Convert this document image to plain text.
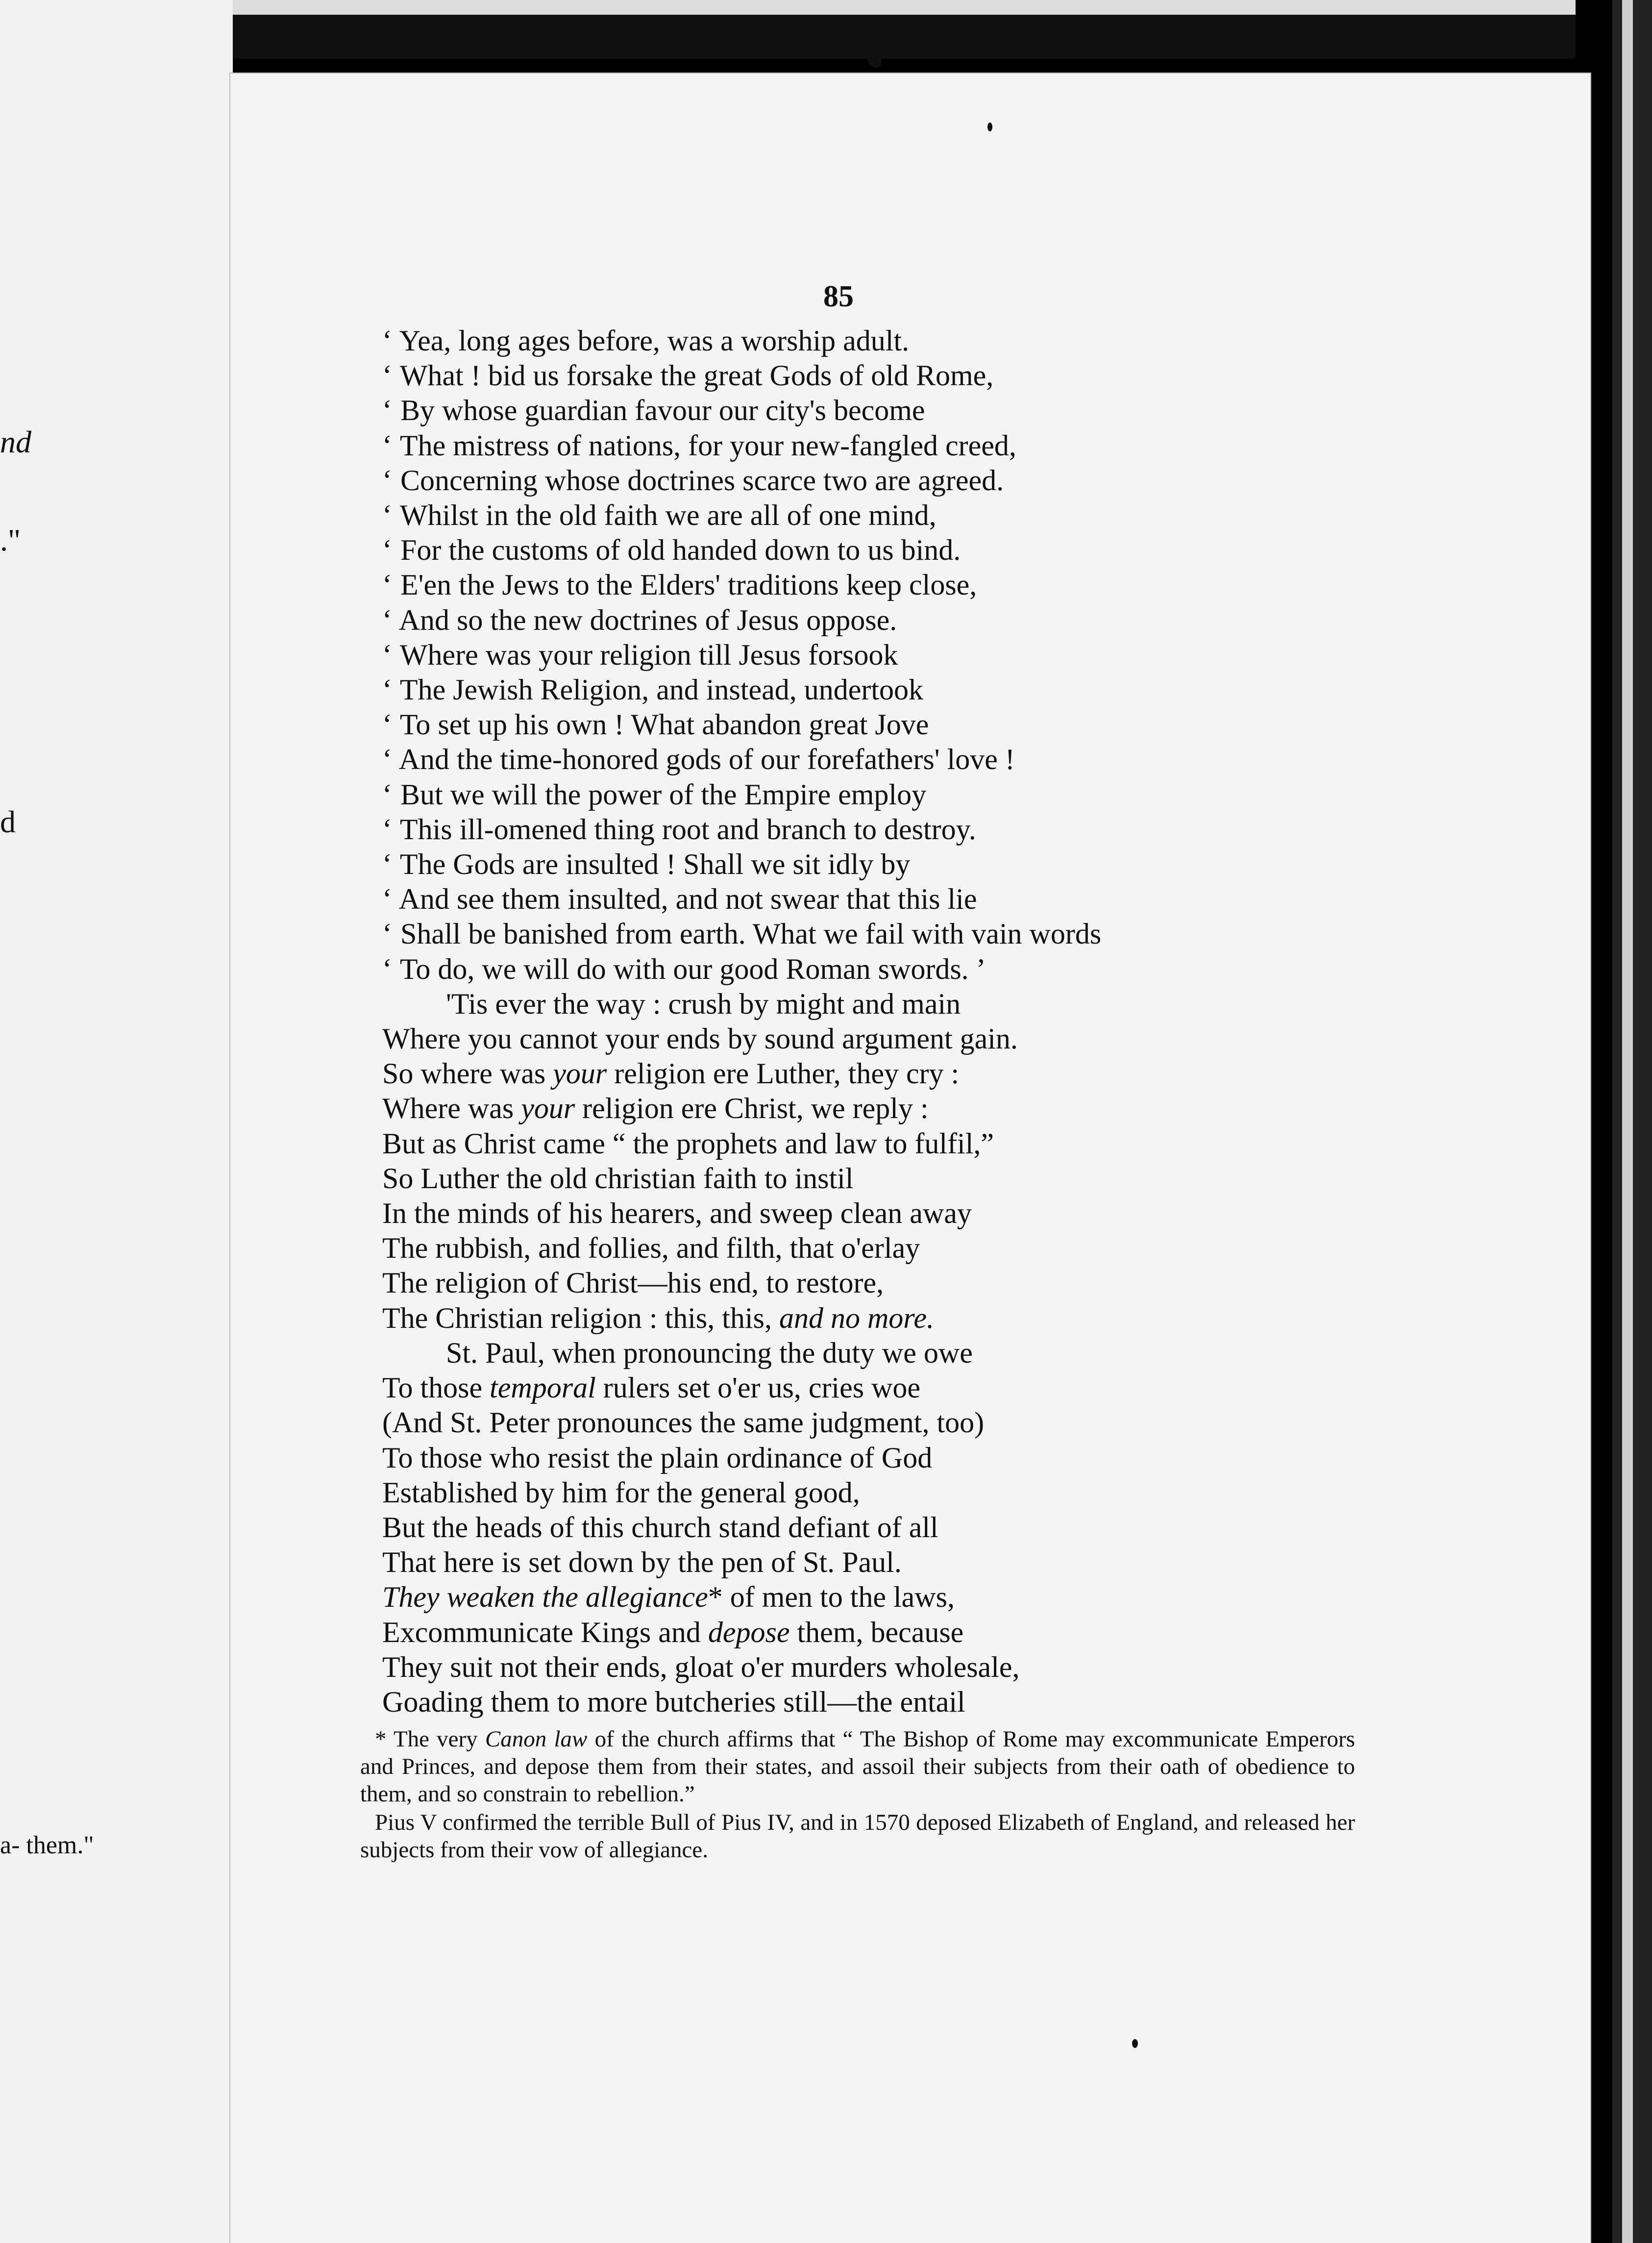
nd
."
d
a- them."
85
‘ Yea, long ages before, was a worship adult.
‘ What ! bid us forsake the great Gods of old Rome,
‘ By whose guardian favour our city's become
‘ The mistress of nations, for your new-fangled creed,
‘ Concerning whose doctrines scarce two are agreed.
‘ Whilst in the old faith we are all of one mind,
‘ For the customs of old handed down to us bind.
‘ E'en the Jews to the Elders' traditions keep close,
‘ And so the new doctrines of Jesus oppose.
‘ Where was your religion till Jesus forsook
‘ The Jewish Religion, and instead, undertook
‘ To set up his own ! What abandon great Jove
‘ And the time-honored gods of our forefathers' love !
‘ But we will the power of the Empire employ
‘ This ill-omened thing root and branch to destroy.
‘ The Gods are insulted ! Shall we sit idly by
‘ And see them insulted, and not swear that this lie
‘ Shall be banished from earth. What we fail with vain words
‘ To do, we will do with our good Roman swords. ’
'Tis ever the way : crush by might and main
Where you cannot your ends by sound argument gain.
So where was your religion ere Luther, they cry :
Where was your religion ere Christ, we reply :
But as Christ came “ the prophets and law to fulfil,”
So Luther the old christian faith to instil
In the minds of his hearers, and sweep clean away
The rubbish, and follies, and filth, that o'erlay
The religion of Christ—his end, to restore,
The Christian religion : this, this, and no more.
St. Paul, when pronouncing the duty we owe
To those temporal rulers set o'er us, cries woe
(And St. Peter pronounces the same judgment, too)
To those who resist the plain ordinance of God
Established by him for the general good,
But the heads of this church stand defiant of all
That here is set down by the pen of St. Paul.
They weaken the allegiance* of men to the laws,
Excommunicate Kings and depose them, because
They suit not their ends, gloat o'er murders wholesale,
Goading them to more butcheries still—the entail

* The very Canon law of the church affirms that “ The Bishop of Rome may excommunicate Emperors and Princes, and depose them from their states, and assoil their subjects from their oath of obedience to them, and so constrain to rebellion.”

Pius V confirmed the terrible Bull of Pius IV, and in 1570 deposed Elizabeth of England, and released her subjects from their vow of allegiance.
